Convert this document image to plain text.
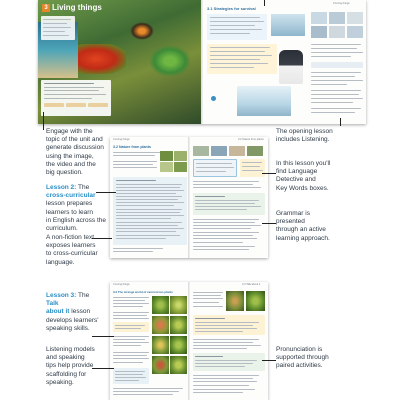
3 Living things	3.1 Strategies for survival
3 Living things
3 Living things
3.2 Nature from plants
3.2 Nature from plants
3 Living things
3.3 The strange world of carnivorous plants
3.3 Talk about it
Engage with the
topic of the unit and
generate discussion
using the image,
the video and the
big question.
The opening lesson
includes Listening.
Lesson 2: The
cross-curricular
lesson prepares
learners to learn
in English across the
curriculum.
A non-fiction text
exposes learners
to cross-curricular
language.
In this lesson you'll
find Language
Detective and
Key Words boxes.
Grammar is
presented
through an active
learning approach.
Lesson 3: The
Talk
about it lesson
develops learners'
speaking skills.
Listening models
and speaking
tips help provide
scaffolding for
speaking.
Pronunciation is
supported through
paired activities.
